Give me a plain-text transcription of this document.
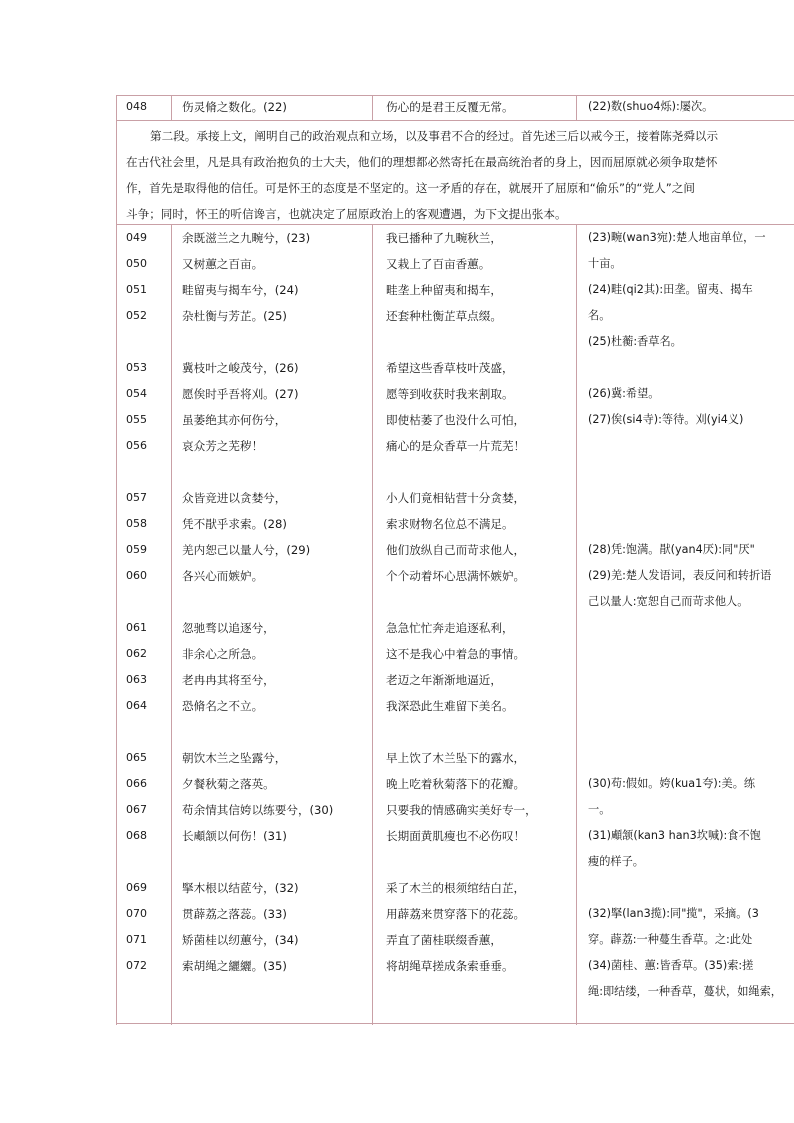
048	伤灵脩之数化。(22)	伤心的是君王反覆无常。	(22)数(shuo4烁):屡次。
第二段。承接上文，阐明自己的政治观点和立场，以及事君不合的经过。首先述三后以戒今王，接着陈尧舜以示
在古代社会里，凡是具有政治抱负的士大夫，他们的理想都必然寄托在最高统治者的身上，因而屈原就必须争取楚怀
作，首先是取得他的信任。可是怀王的态度是不坚定的。这一矛盾的存在，就展开了屈原和“偷乐”的“党人”之间
斗争；同时，怀王的听信谗言，也就决定了屈原政治上的客观遭遇，为下文提出张本。
049	余既滋兰之九畹兮，(23)	我已播种了九畹秋兰，	(23)畹(wan3宛):楚人地亩单位，一
050	又树蕙之百亩。	又栽上了百亩香蕙。	十亩。
051	畦留夷与揭车兮，(24)	畦垄上种留夷和揭车，	(24)畦(qi2其):田垄。留夷、揭车
052	杂杜衡与芳芷。(25)	还套种杜衡芷草点缀。	名。
(25)杜蘅:香草名。
053	冀枝叶之峻茂兮，(26)	希望这些香草枝叶茂盛，
054	愿俟时乎吾将刈。(27)	愿等到收获时我来割取。	(26)冀:希望。
055	虽萎绝其亦何伤兮，	即使枯萎了也没什么可怕，	(27)俟(si4寺):等待。刈(yi4义)
056	哀众芳之芜秽！	痛心的是众香草一片荒芜！
057	众皆竞进以贪婪兮，	小人们竟相钻营十分贪婪，
058	凭不猒乎求索。(28)	索求财物名位总不满足。
059	羌内恕己以量人兮，(29)	他们放纵自己而苛求他人，	(28)凭:饱满。猒(yan4厌):同"厌"
060	各兴心而嫉妒。	个个动着坏心思满怀嫉妒。	(29)羌:楚人发语词，表反问和转折语
己以量人:宽恕自己而苛求他人。
061	忽驰骛以追逐兮，	急急忙忙奔走追逐私利，
062	非余心之所急。	这不是我心中着急的事情。
063	老冉冉其将至兮，	老迈之年渐渐地逼近，
064	恐脩名之不立。	我深恐此生难留下美名。
065	朝饮木兰之坠露兮，	早上饮了木兰坠下的露水，
066	夕餐秋菊之落英。	晚上吃着秋菊落下的花瓣。	(30)苟:假如。姱(kua1夸):美。练
067	苟余情其信姱以练要兮，(30)	只要我的情感确实美好专一，	一。
068	长顑颔以何伤！(31)	长期面黄肌瘦也不必伤叹！	(31)顑颔(kan3 han3坎喊):食不饱
瘦的样子。
069	掔木根以结茝兮，(32)	采了木兰的根须绾结白芷，
070	贯薜荔之落蕊。(33)	用薜荔来贯穿落下的花蕊。	(32)掔(lan3揽):同"揽"，采摘。(3
071	矫菌桂以纫蕙兮，(34)	弄直了菌桂联缀香蕙，	穿。薜荔:一种蔓生香草。之:此处
072	索胡绳之纚纚。(35)	将胡绳草搓成条索垂垂。	(34)菌桂、蕙:皆香草。(35)索:搓
绳:即结缕，一种香草，蔓状，如绳索，
